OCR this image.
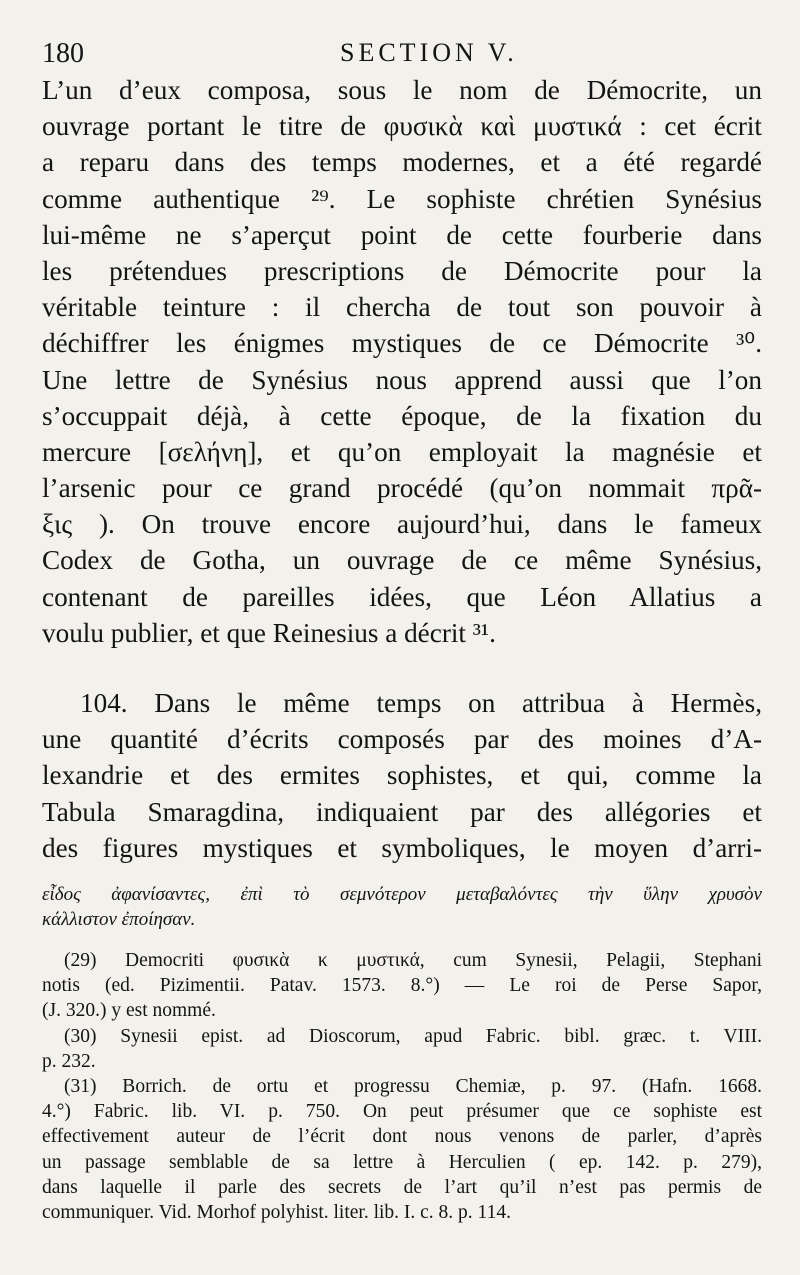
180	SECTION V.
L’un d’eux composa, sous le nom de Démocrite, un
ouvrage portant le titre de φυσικὰ καὶ μυστικά : cet écrit
a reparu dans des temps modernes, et a été regardé
comme authentique ²⁹. Le sophiste chrétien Synésius
lui-même ne s’aperçut point de cette fourberie dans
les prétendues prescriptions de Démocrite pour la
véritable teinture : il chercha de tout son pouvoir à
déchiffrer les énigmes mystiques de ce Démocrite ³⁰.
Une lettre de Synésius nous apprend aussi que l’on
s’occuppait déjà, à cette époque, de la fixation du
mercure [σελήνη], et qu’on employait la magnésie et
l’arsenic pour ce grand procédé (qu’on nommait πρᾶ-
ξις ). On trouve encore aujourd’hui, dans le fameux
Codex de Gotha, un ouvrage de ce même Synésius,
contenant de pareilles idées, que Léon Allatius a
voulu publier, et que Reinesius a décrit ³¹.
104. Dans le même temps on attribua à Hermès,
une quantité d’écrits composés par des moines d’A-
lexandrie et des ermites sophistes, et qui, comme la
Tabula Smaragdina, indiquaient par des allégories et
des figures mystiques et symboliques, le moyen d’arri-
εἶδος ἀφανίσαντες, ἐπὶ τὸ σεμνότερον μεταβαλόντες τὴν ὕλην χρυσὸν
κάλλιστον ἐποίησαν.
(29) Democriti φυσικὰ κ μυστικά, cum Synesii, Pelagii, Stephani
notis (ed. Pizimentii. Patav. 1573. 8.°) — Le roi de Perse Sapor,
(J. 320.) y est nommé.
(30) Synesii epist. ad Dioscorum, apud Fabric. bibl. græc. t. VIII.
p. 232.
(31) Borrich. de ortu et progressu Chemiæ, p. 97. (Hafn. 1668.
4.°) Fabric. lib. VI. p. 750. On peut présumer que ce sophiste est
effectivement auteur de l’écrit dont nous venons de parler, d’après
un passage semblable de sa lettre à Herculien ( ep. 142. p. 279),
dans laquelle il parle des secrets de l’art qu’il n’est pas permis de
communiquer. Vid. Morhof polyhist. liter. lib. I. c. 8. p. 114.
